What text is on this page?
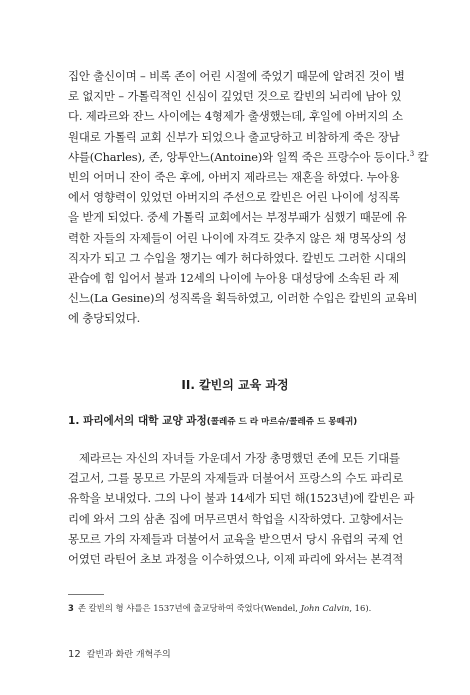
집안 출신이며 – 비록 존이 어린 시절에 죽었기 때문에 알려진 것이 별
로 없지만 – 가톨릭적인 신심이 깊었던 것으로 칼빈의 뇌리에 남아 있
다. 제라르와 잔느 사이에는 4형제가 출생했는데, 후일에 아버지의 소
원대로 가톨릭 교회 신부가 되었으나 출교당하고 비참하게 죽은 장남
샤를(Charles), 존, 앙투안느(Antoine)와 일찍 죽은 프랑수아 등이다.$^3$ 칼
빈의 어머니 잔이 죽은 후에, 아버지 제라르는 재혼을 하였다. 누아용
에서 영향력이 있었던 아버지의 주선으로 칼빈은 어린 나이에 성직록
을 받게 되었다. 중세 가톨릭 교회에서는 부정부패가 심했기 때문에 유
력한 자들의 자제들이 어린 나이에 자격도 갖추지 않은 채 명목상의 성
직자가 되고 그 수입을 챙기는 예가 허다하였다. 칼빈도 그러한 시대의
관습에 힘 입어서 불과 12세의 나이에 누아용 대성당에 소속된 라 제
신느(La Gesine)의 성직록을 획득하였고, 이러한 수입은 칼빈의 교육비
에 충당되었다.

II. 칼빈의 교육 과정
1. 파리에서의 대학 교양 과정(콜레쥬 드 라 마르슈/콜레쥬 드 몽떼귀)

제라르는 자신의 자녀들 가운데서 가장 총명했던 존에 모든 기대를
걸고서, 그를 몽모르 가문의 자제들과 더불어서 프랑스의 수도 파리로
유학을 보내었다. 그의 나이 불과 14세가 되던 해(1523년)에 칼빈은 파
리에 와서 그의 삼촌 집에 머무르면서 학업을 시작하였다. 고향에서는
몽모르 가의 자제들과 더불어서 교육을 받으면서 당시 유럽의 국제 언
어였던 라틴어 초보 과정을 이수하였으나, 이제 파리에 와서는 본격적

3 존 칼빈의 형 샤를은 1537년에 출교당하여 죽었다(Wendel, John Calvin, 16).

12 칼빈과 화란 개혁주의
